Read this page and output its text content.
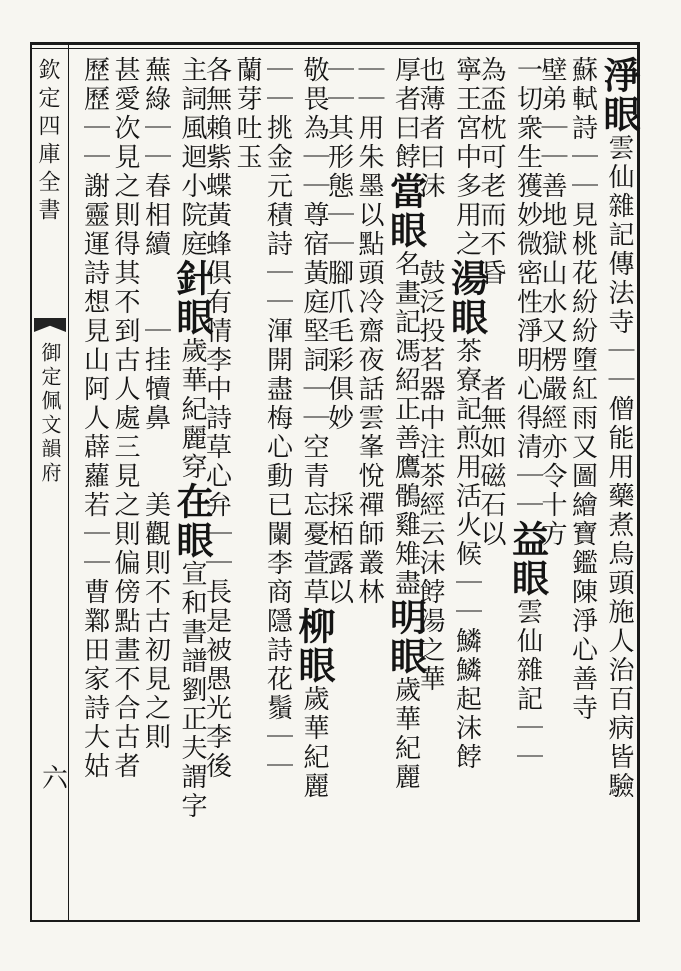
欽定四庫全書
御定佩文韻府
六
淨眼雲仙雜記傳法寺｜｜僧能用藥煮烏頭施人治百病皆驗
蘇軾詩｜｜見桃花紛紛墮紅雨又圖繪寶鑑陳淨心善寺
壁弟｜｜善地獄山水又楞嚴經亦令十方
一切衆生獲妙微密性淨明心得清｜｜益眼雲仙雜記｜｜
為盃枕可老而不昏　　　者無如磁石以
寧王宮中多用之湯眼茶寮記煎用活火候｜｜鱗鱗起沫餑
也薄者曰沫　　鼓泛投茗器中注茶經云沫餑湯之華
厚者曰餑當眼名畫記馮紹正善鷹鶻雞雉盡明眼歲華紀麗
｜｜用朱墨以點頭冷齋夜話雲峯悅禪師叢林
｜｜其形態｜｜腳爪毛彩俱妙　　採栢露以
敬畏為｜｜尊宿黃庭堅詞｜｜空青忘憂萱草柳眼歲華紀麗
｜｜挑金元積詩｜｜渾開盡梅心動已闌李商隱詩花鬚｜｜
蘭芽吐玉
各無賴紫蝶黃蜂俱有情李中詩草心弁｜｜長是被愚光李後
主詞風迴小院庭針眼歲華紀麗穿在眼宣和書譜劉正夫謂字
蕪綠｜｜春相續　　｜挂犢鼻　　美觀則不古初見之則
甚愛次見之則得其不到古人處三見之則偏傍點畫不合古者
歷歷｜｜謝靈運詩想見山阿人薜蘿若｜｜曹鄴田家詩大姑
